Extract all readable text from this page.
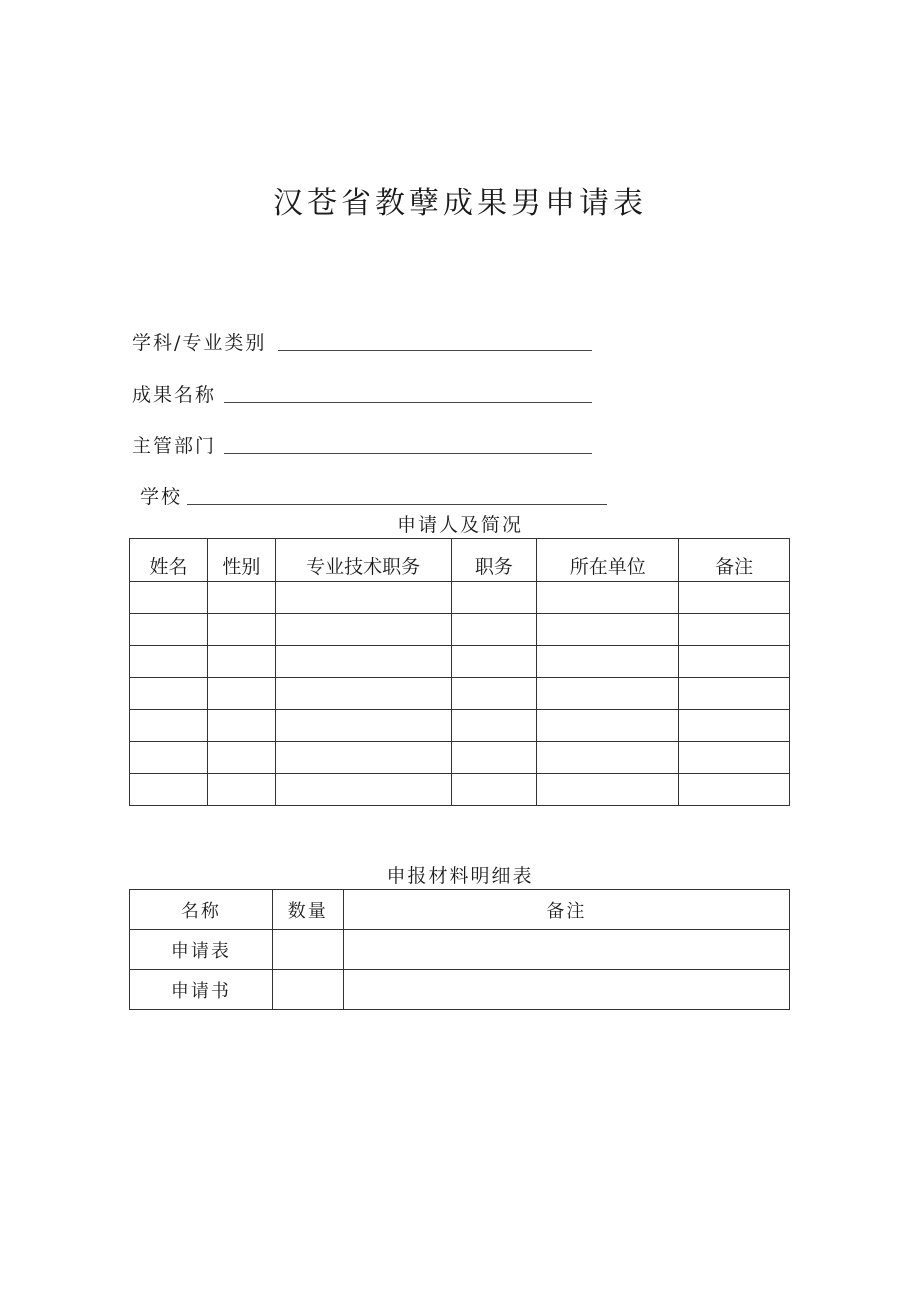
汉苍省教孽成果男申请表
学科/专业类别
成果名称
主管部门
学校
申请人及简况
姓名	性别	专业技术职务	职务	所在单位	备注

申报材料明细表
名称	数量	备注
申请表		
申请书		
